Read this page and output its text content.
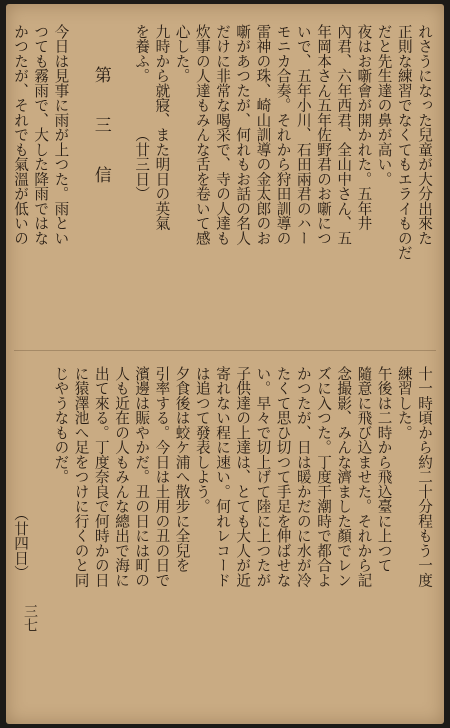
れさうになった兒童が大分出來た
正則な練習でなくてもエライものだ
だと先生達の鼻が高い。
夜はお噺會が開かれた。五年井
內君、六年西君、全山中さん、五
年岡本さん五年佐野君のお噺につ
いで、五年小川、石田兩君のハー
モニカ合奏。それから狩田訓導の
雷神の珠、崎山訓導の金太郎のお
噺があつたが、何れもお話の名人
だけに非常な喝采で、寺の人達も
炊事の人達もみんな舌を卷いて感
心した。
九時から就寢、また明日の英氣
を養ふ。　　　　（廿三日）
第　三　信
今日は見事に雨が上つた。雨とい
つても霧雨で、大した降雨ではな
かつたが、それでも氣溫が低いの
十一時頃から約二十分程もう一度
練習した。
午後は二時から飛込臺に上つて
隨意に飛び込ませた。それから記
念撮影、みんな濟ました顏でレン
ズに入つた。丁度干潮時で都合よ
かつたが、日は暖かだのに水が冷
たくて思ひ切つて手足を伸ばせな
い。早々で切上げて陸に上つたが
子供達の上達は、とても大人が近
寄れない程に速い。何れレコード
は追つて發表しよう。
夕食後は蛟ケ浦へ散步に全兒を
引率する。今日は土用の丑の日で
濱邊は賑やかだ。丑の日には町の
人も近在の人もみんな總出で海に
出て來る。丁度奈良で何時かの日
に猿澤池へ足をつけに行くのと同
じやうなものだ。
　　　　　　　　　　（廿四日）
三七
